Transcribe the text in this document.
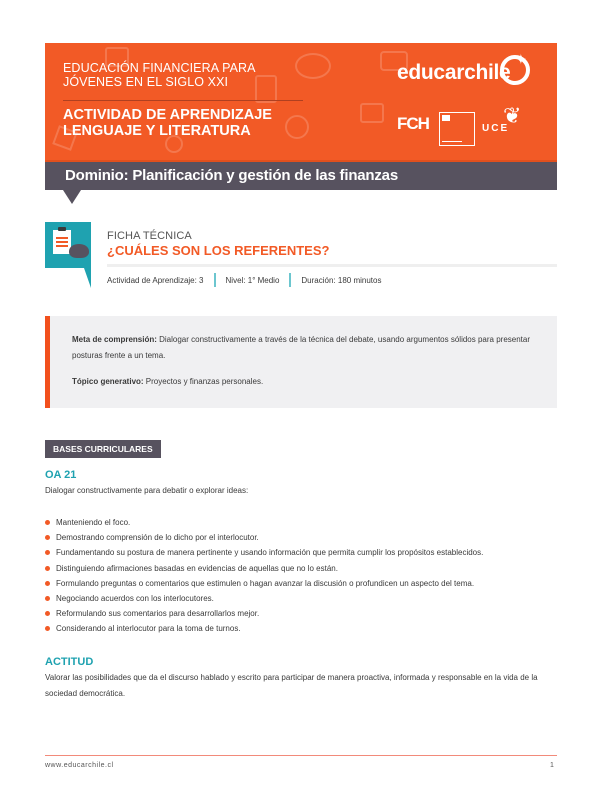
EDUCACIÓN FINANCIERA PARA JÓVENES EN EL SIGLO XXI
ACTIVIDAD DE APRENDIZAJE LENGUAJE Y LITERATURA
educarchile
✦
FCH	UCE
❦
Dominio: Planificación y gestión de las finanzas
FICHA TÉCNICA
¿CUÁLES SON LOS REFERENTES?
Actividad de Aprendizaje: 3	Nivel: 1° Medio	Duración: 180 minutos

Meta de comprensión: Dialogar constructivamente a través de la técnica del debate, usando argumentos sólidos para presentar posturas frente a un tema.

Tópico generativo: Proyectos y finanzas personales.

BASES CURRICULARES
OA 21
Dialogar constructivamente para debatir o explorar ideas:
Manteniendo el foco.
Demostrando comprensión de lo dicho por el interlocutor.
Fundamentando su postura de manera pertinente y usando información que permita cumplir los propósitos establecidos.
Distinguiendo afirmaciones basadas en evidencias de aquellas que no lo están.
Formulando preguntas o comentarios que estimulen o hagan avanzar la discusión o profundicen un aspecto del tema.
Negociando acuerdos con los interlocutores.
Reformulando sus comentarios para desarrollarlos mejor.
Considerando al interlocutor para la toma de turnos.
ACTITUD
Valorar las posibilidades que da el discurso hablado y escrito para participar de manera proactiva, informada y responsable en la vida de la sociedad democrática.
www.educarchile.cl	1
